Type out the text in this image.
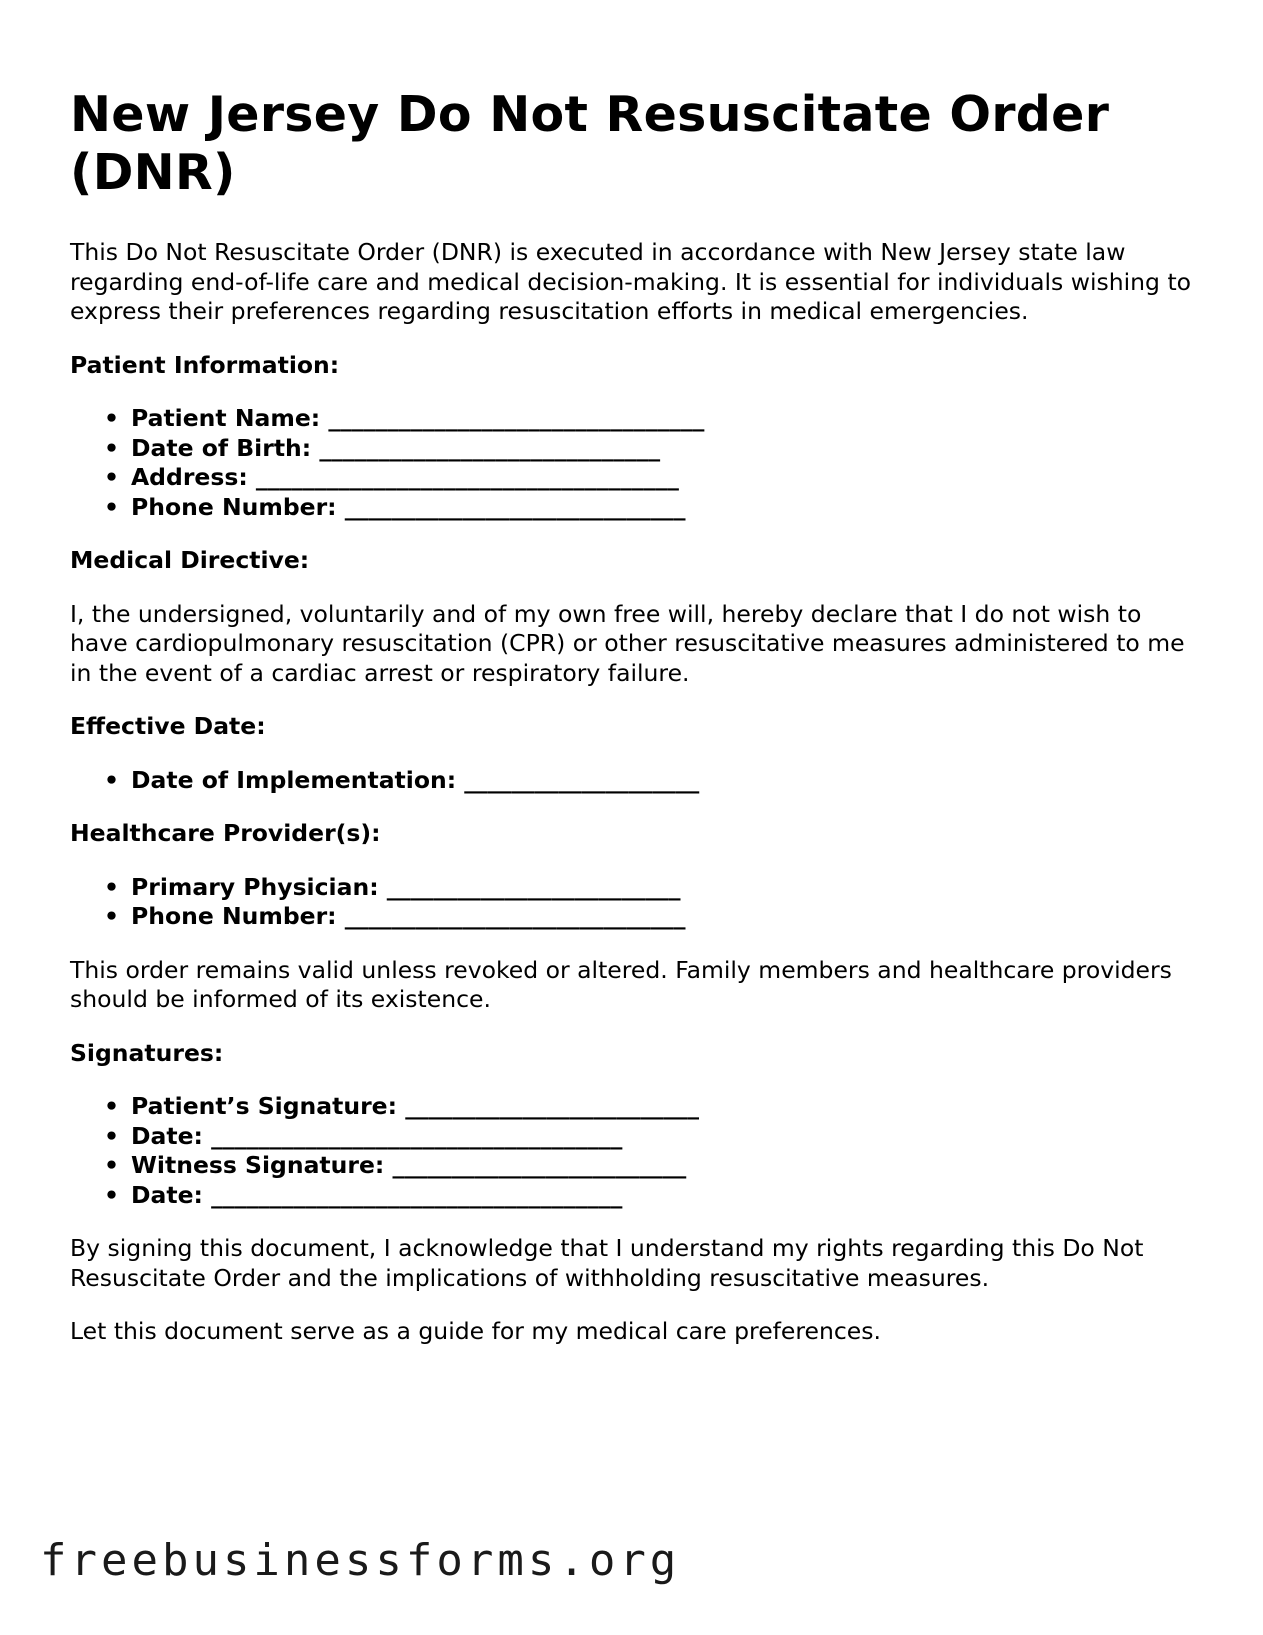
New Jersey Do Not Resuscitate Order (DNR)

This Do Not Resuscitate Order (DNR) is executed in accordance with New Jersey state law regarding end-of-life care and medical decision-making. It is essential for individuals wishing to express their preferences regarding resuscitation efforts in medical emergencies.

Patient Information:
• Patient Name: ________________________________
• Date of Birth: _____________________________
• Address: ____________________________________
• Phone Number: _____________________________
Medical Directive:

I, the undersigned, voluntarily and of my own free will, hereby declare that I do not wish to have cardiopulmonary resuscitation (CPR) or other resuscitative measures administered to me in the event of a cardiac arrest or respiratory failure.

Effective Date:
• Date of Implementation: ____________________
Healthcare Provider(s):
• Primary Physician: _________________________
• Phone Number: _____________________________

This order remains valid unless revoked or altered. Family members and healthcare providers should be informed of its existence.

Signatures:
• Patient’s Signature: _________________________
• Date: ___________________________________
• Witness Signature: _________________________
• Date: ___________________________________

By signing this document, I acknowledge that I understand my rights regarding this Do Not Resuscitate Order and the implications of withholding resuscitative measures.

Let this document serve as a guide for my medical care preferences.

freebusinessforms.org
